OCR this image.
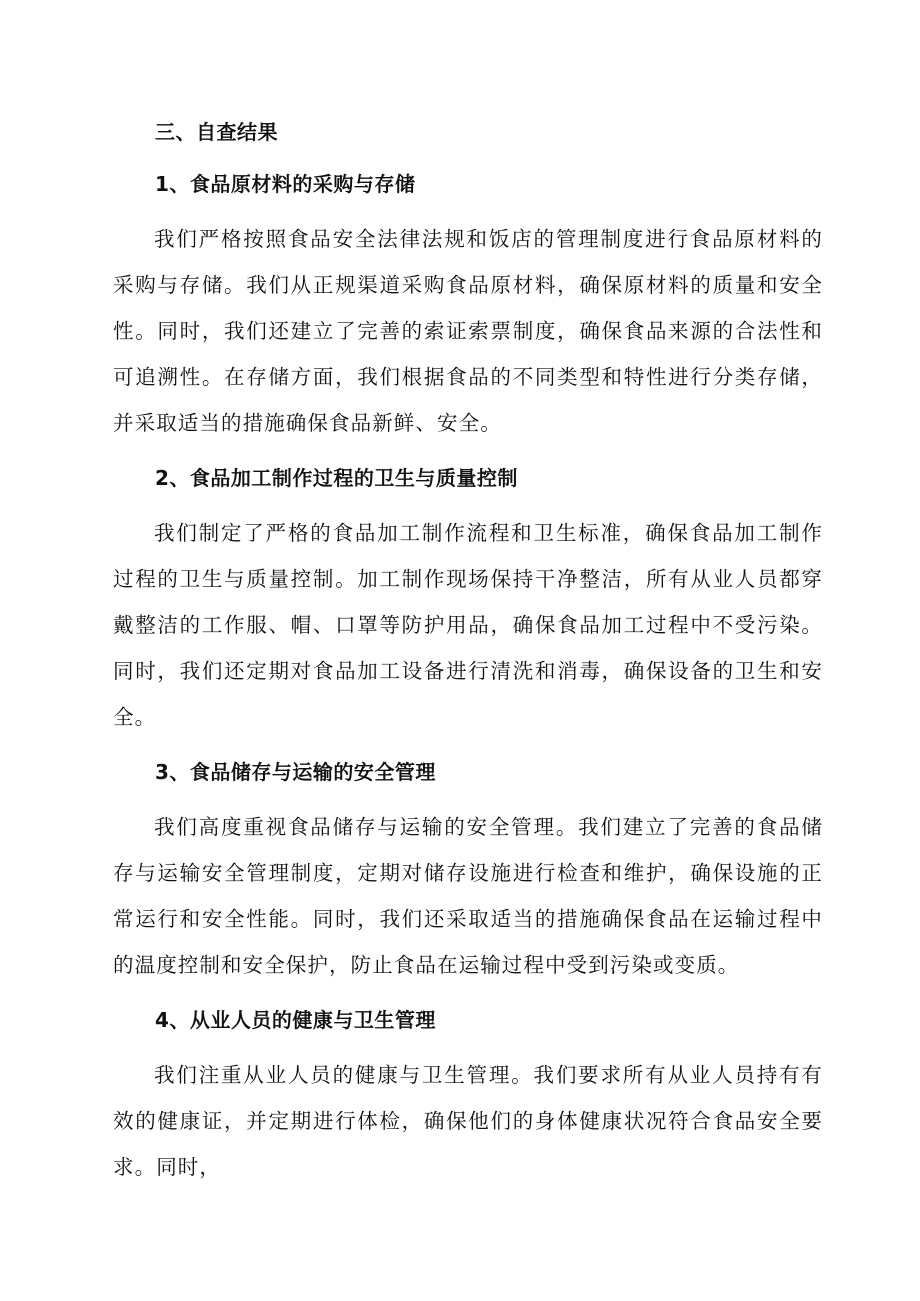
三、自查结果
1、食品原材料的采购与存储

我们严格按照食品安全法律法规和饭店的管理制度进行食品原材料的采购与存储。我们从正规渠道采购食品原材料，确保原材料的质量和安全性。同时，我们还建立了完善的索证索票制度，确保食品来源的合法性和可追溯性。在存储方面，我们根据食品的不同类型和特性进行分类存储，并采取适当的措施确保食品新鲜、安全。

2、食品加工制作过程的卫生与质量控制

我们制定了严格的食品加工制作流程和卫生标准，确保食品加工制作过程的卫生与质量控制。加工制作现场保持干净整洁，所有从业人员都穿戴整洁的工作服、帽、口罩等防护用品，确保食品加工过程中不受污染。同时，我们还定期对食品加工设备进行清洗和消毒，确保设备的卫生和安全。

3、食品储存与运输的安全管理

我们高度重视食品储存与运输的安全管理。我们建立了完善的食品储存与运输安全管理制度，定期对储存设施进行检查和维护，确保设施的正常运行和安全性能。同时，我们还采取适当的措施确保食品在运输过程中的温度控制和安全保护，防止食品在运输过程中受到污染或变质。

4、从业人员的健康与卫生管理

我们注重从业人员的健康与卫生管理。我们要求所有从业人员持有有效的健康证，并定期进行体检，确保他们的身体健康状况符合食品安全要求。同时，
